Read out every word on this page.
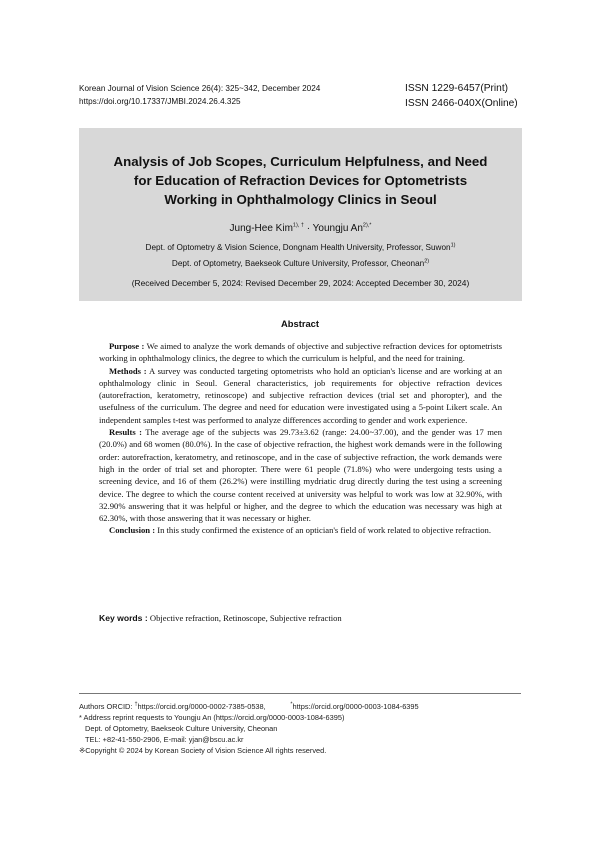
Korean Journal of Vision Science 26(4): 325~342, December 2024
https://doi.org/10.17337/JMBI.2024.26.4.325
ISSN 1229-6457(Print)
ISSN 2466-040X(Online)
Analysis of Job Scopes, Curriculum Helpfulness, and Need
for Education of Refraction Devices for Optometrists
Working in Ophthalmology Clinics in Seoul
Jung-Hee Kim$^{1), \dagger}$ · Youngju $An^{2),*}$
Dept. of Optometry & Vision Science, Dongnam Health University, Professor, Suwon$^{1)}$
Dept. of Optometry, Baekseok Culture University, Professor, Cheonan$^{2)}$
(Received December 5, 2024: Revised December 29, 2024: Accepted December 30, 2024)
Abstract

Purpose : We aimed to analyze the work demands of objective and subjective refraction devices for optometrists working in ophthalmology clinics, the degree to which the curriculum is helpful, and the need for training.

Methods : A survey was conducted targeting optometrists who hold an optician's license and are working at an ophthalmology clinic in Seoul. General characteristics, job requirements for objective refraction devices (autorefraction, keratometry, retinoscope) and subjective refraction devices (trial set and phoropter), and the usefulness of the curriculum. The degree and need for education were investigated using a 5-point Likert scale. An independent samples t-test was performed to analyze differences according to gender and work experience.

Results : The average age of the subjects was 29.73±3.62 (range: 24.00~37.00), and the gender was 17 men (20.0%) and 68 women (80.0%). In the case of objective refraction, the highest work demands were in the following order: autorefraction, keratometry, and retinoscope, and in the case of subjective refraction, the work demands were high in the order of trial set and phoropter. There were 61 people (71.8%) who were undergoing tests using a screening device, and 16 of them (26.2%) were instilling mydriatic drug directly during the test using a screening device. The degree to which the course content received at university was helpful to work was low at 32.90%, with 32.90% answering that it was helpful or higher, and the degree to which the education was necessary was high at 62.30%, with those answering that it was necessary or higher.

Conclusion : In this study confirmed the existence of an optician's field of work related to objective refraction.

Key words : Objective refraction, Retinoscope, Subjective refraction
Authors ORCID: †https://orcid.org/0000-0002-7385-0538,	*https://orcid.org/0000-0003-1084-6395
* Address reprint requests to Youngju An (https://orcid.org/0000-0003-1084-6395)
Dept. of Optometry, Baekseok Culture University, Cheonan
TEL: +82-41-550-2906, E-mail: yjan@bscu.ac.kr
※Copyright © 2024 by Korean Society of Vision Science All rights reserved.
